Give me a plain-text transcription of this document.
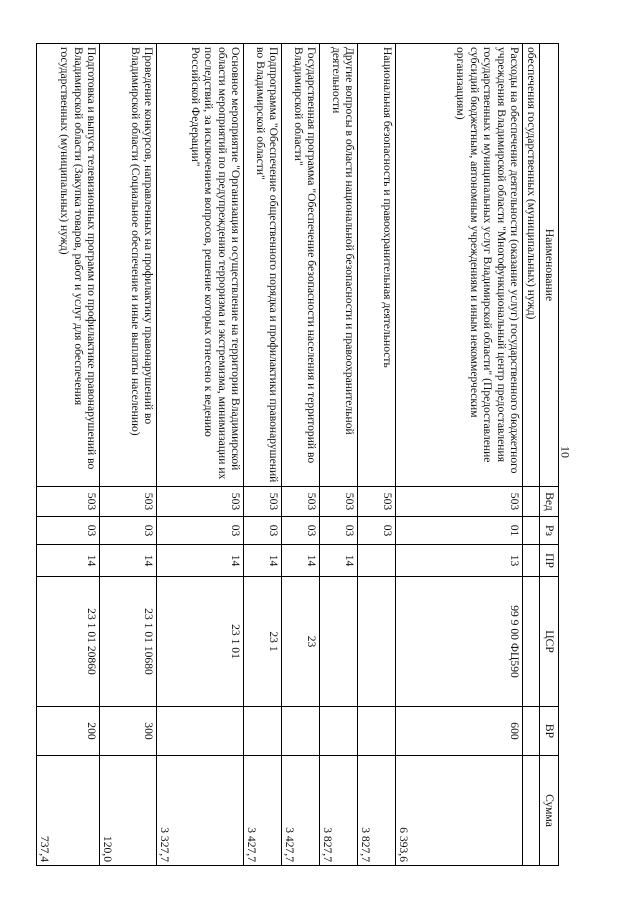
10
Наименование	Вед	Рз	ПР	ЦСР	ВР	Сумма
обеспечения государственных (муниципальных) нужд)						
Расходы на обеспечение деятельности (оказание услуг) государственного бюджетного учреждения Владимирской области "Многофункциональный центр предоставления государственных и муниципальных услуг Владимирской области" (Предоставление субсидий бюджетным, автономным учреждениям и иным некоммерческим организациям)	503	01	13	99 9 00 ФЦ590	600	6 393,6
Национальная безопасность и правоохранительная деятельность	503	03				3 827,7
Другие вопросы в области национальной безопасности и правоохранительной деятельности	503	03	14			3 827,7
Государственная программа "Обеспечение безопасности населения и территорий во Владимирской области"	503	03	14	23		3 427,7
Подпрограмма "Обеспечение общественного порядка и профилактики правонарушений во Владимирской области"	503	03	14	23 1		3 427,7
Основное мероприятие "Организация и осуществление на территории Владимирской области мероприятий по предупреждению терроризма и экстремизма, минимизации их последствий, за исключением вопросов, решение которых отнесено к ведению Российской Федерации"	503	03	14	23 1 01		3 327,7
Проведение конкурсов, направленных на профилактику правонарушений во Владимирской области (Социальное обеспечение и иные выплаты населению)	503	03	14	23 1 01 10680	300	120,0
Подготовка и выпуск телевизионных программ по профилактике правонарушений во Владимирской области (Закупка товаров, работ и услуг для обеспечения государственных (муниципальных) нужд)	503	03	14	23 1 01 20860	200	737,4
